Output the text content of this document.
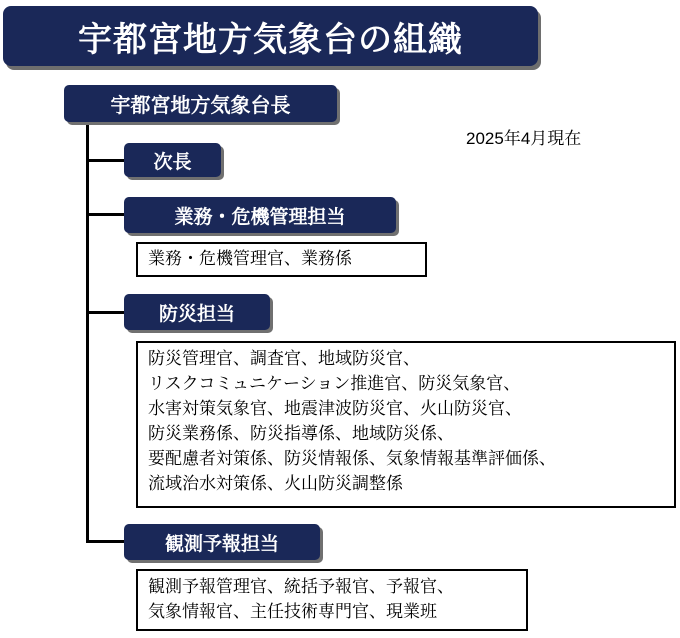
宇都宮地方気象台の組織
2025年4月現在
宇都宮地方気象台長
次長
業務・危機管理担当
業務・危機管理官、業務係
防災担当
防災管理官、調査官、地域防災官、
リスクコミュニケーション推進官、防災気象官、
水害対策気象官、地震津波防災官、火山防災官、
防災業務係、防災指導係、地域防災係、
要配慮者対策係、防災情報係、気象情報基準評価係、
流域治水対策係、火山防災調整係
観測予報担当
観測予報管理官、統括予報官、予報官、
気象情報官、主任技術専門官、現業班
